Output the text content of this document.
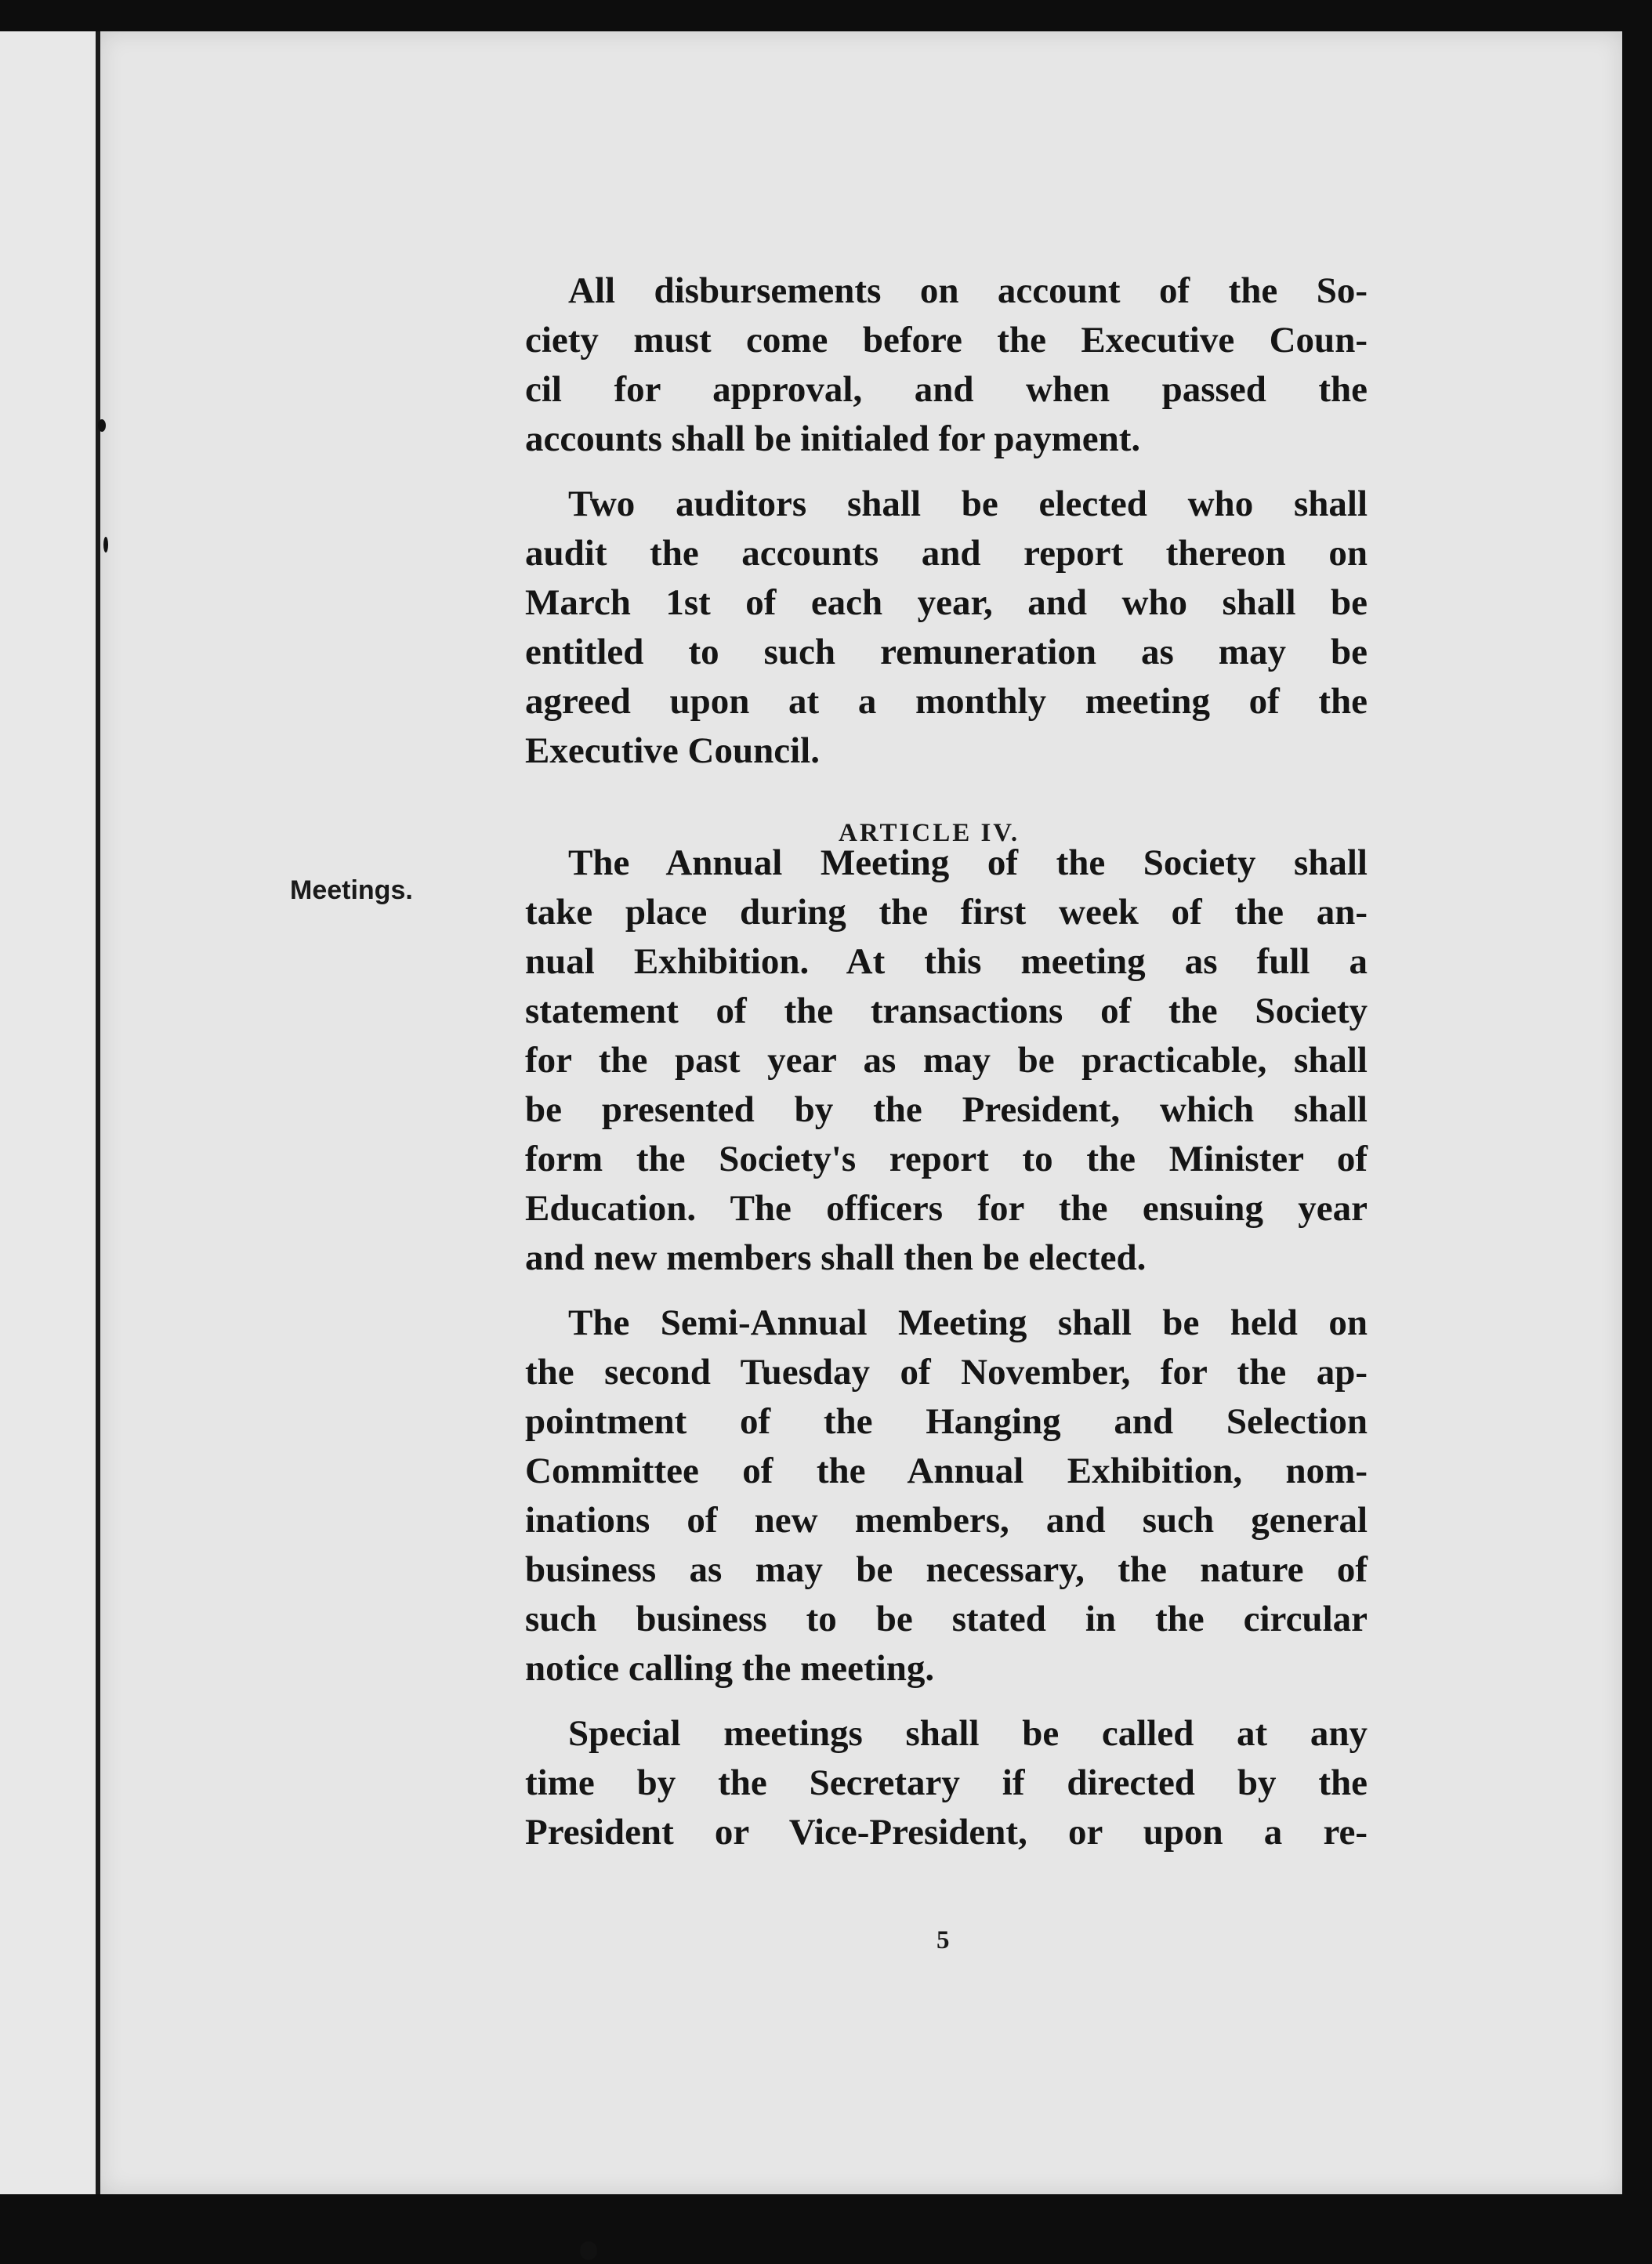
Meetings.
ARTICLE IV.
All disbursements on account of the So-
ciety must come before the Executive Coun-
cil for approval, and when passed the
accounts shall be initialed for payment.
Two auditors shall be elected who shall
audit the accounts and report thereon on
March 1st of each year, and who shall be
entitled to such remuneration as may be
agreed upon at a monthly meeting of the
Executive Council.
The Annual Meeting of the Society shall
take place during the first week of the an-
nual Exhibition. At this meeting as full a
statement of the transactions of the Society
for the past year as may be practicable, shall
be presented by the President, which shall
form the Society's report to the Minister of
Education. The officers for the ensuing year
and new members shall then be elected.
The Semi-Annual Meeting shall be held on
the second Tuesday of November, for the ap-
pointment of the Hanging and Selection
Committee of the Annual Exhibition, nom-
inations of new members, and such general
business as may be necessary, the nature of
such business to be stated in the circular
notice calling the meeting.
Special meetings shall be called at any
time by the Secretary if directed by the
President or Vice-President, or upon a re-
5
